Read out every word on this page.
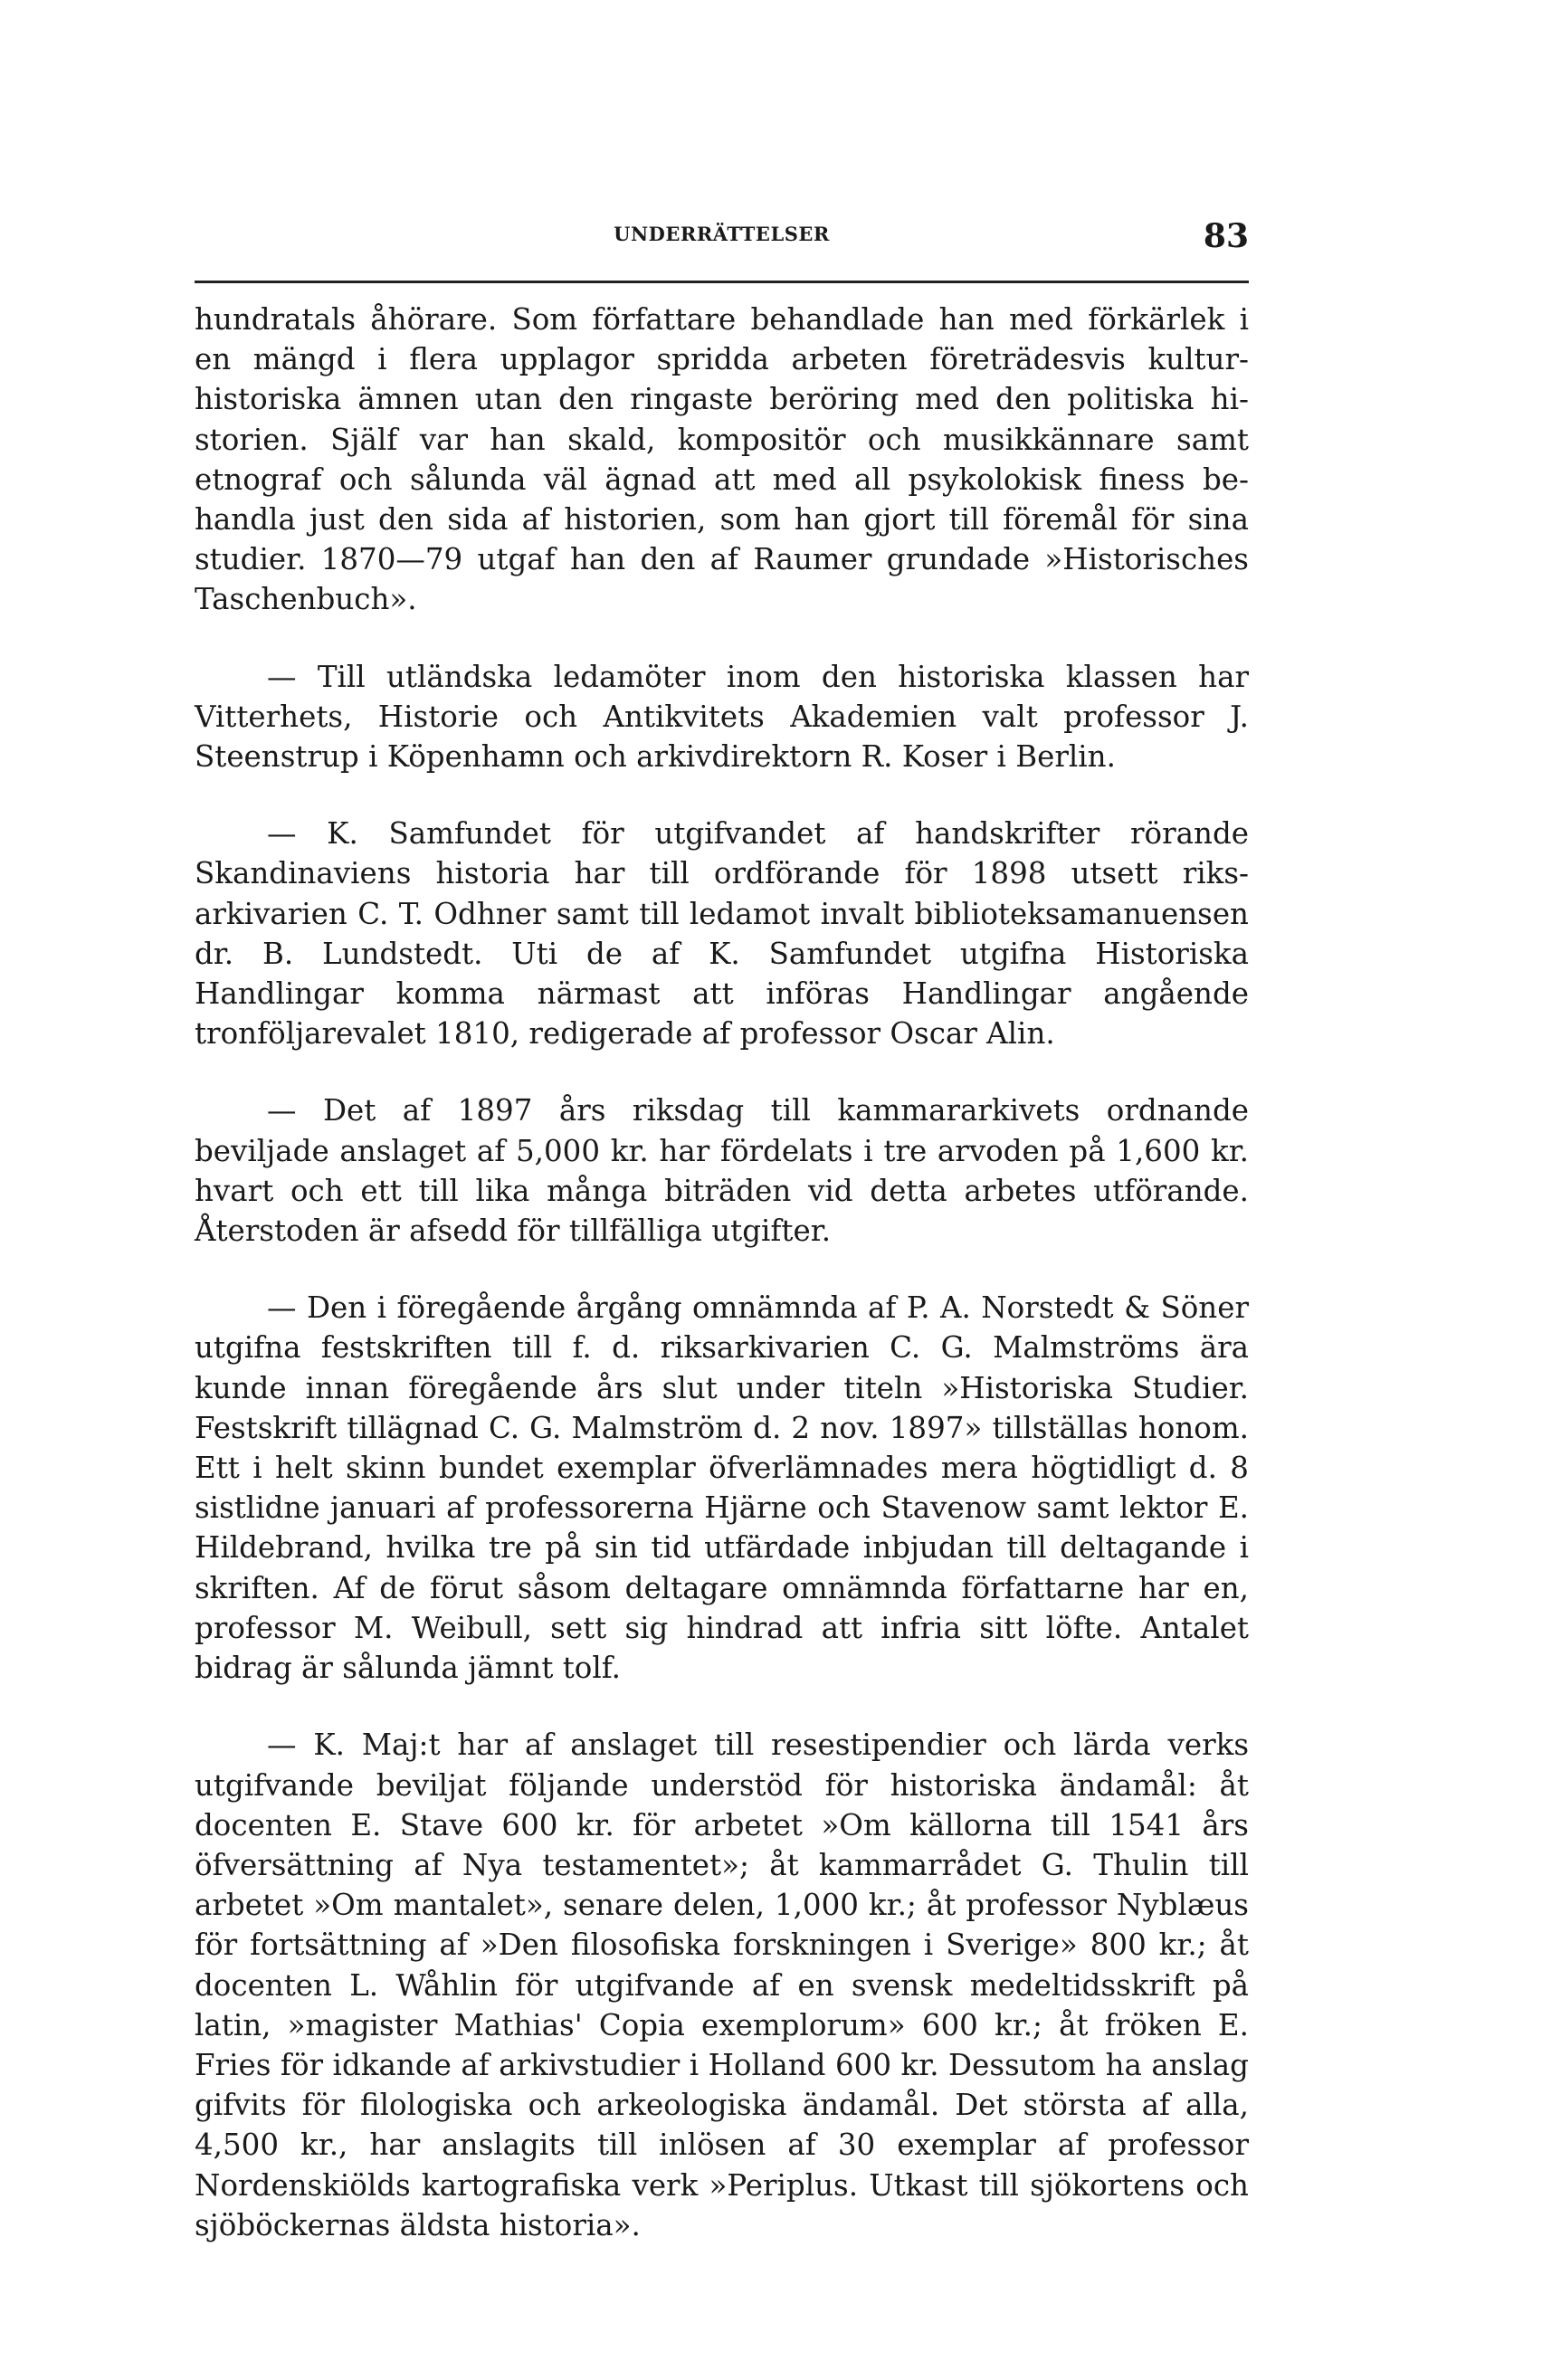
UNDERRÄTTELSER	83

hundratals åhörare. Som författare behandlade han med förkärlek i en mängd i flera upplagor spridda arbeten företrädesvis kulturhistoriska ämnen utan den ringaste beröring med den politiska historien. Själf var han skald, kompositör och musikkännare samt etnograf och sålunda väl ägnad att med all psykolokisk finess behandla just den sida af historien, som han gjort till föremål för sina studier. 1870—79 utgaf han den af Raumer grundade »Historisches Taschenbuch».

— Till utländska ledamöter inom den historiska klassen har Vitterhets, Historie och Antikvitets Akademien valt professor J. Steenstrup i Köpenhamn och arkivdirektorn R. Koser i Berlin.

— K. Samfundet för utgifvandet af handskrifter rörande Skandinaviens historia har till ordförande för 1898 utsett riksarkivarien C. T. Odhner samt till ledamot invalt biblioteksamanuensen dr. B. Lundstedt. Uti de af K. Samfundet utgifna Historiska Handlingar komma närmast att införas Handlingar angående tronföljarevalet 1810, redigerade af professor Oscar Alin.

— Det af 1897 års riksdag till kammararkivets ordnande beviljade anslaget af 5,000 kr. har fördelats i tre arvoden på 1,600 kr. hvart och ett till lika många biträden vid detta arbetes utförande. Återstoden är afsedd för tillfälliga utgifter.

— Den i föregående årgång omnämnda af P. A. Norstedt & Söner utgifna festskriften till f. d. riksarkivarien C. G. Malmströms ära kunde innan föregående års slut under titeln »Historiska Studier. Festskrift tillägnad C. G. Malmström d. 2 nov. 1897» tillställas honom. Ett i helt skinn bundet exemplar öfverlämnades mera högtidligt d. 8 sistlidne januari af professorerna Hjärne och Stavenow samt lektor E. Hildebrand, hvilka tre på sin tid utfärdade inbjudan till deltagande i skriften. Af de förut såsom deltagare omnämnda författarne har en, professor M. Weibull, sett sig hindrad att infria sitt löfte. Antalet bidrag är sålunda jämnt tolf.

— K. Maj:t har af anslaget till resestipendier och lärda verks utgifvande beviljat följande understöd för historiska ändamål: åt docenten E. Stave 600 kr. för arbetet »Om källorna till 1541 års öfversättning af Nya testamentet»; åt kammarrådet G. Thulin till arbetet »Om mantalet», senare delen, 1,000 kr.; åt professor Nyblæus för fortsättning af »Den filosofiska forskningen i Sverige» 800 kr.; åt docenten L. Wåhlin för utgifvande af en svensk medeltidsskrift på latin, »magister Mathias' Copia exemplorum» 600 kr.; åt fröken E. Fries för idkande af arkivstudier i Holland 600 kr. Dessutom ha anslag gifvits för filologiska och arkeologiska ändamål. Det största af alla, 4,500 kr., har anslagits till inlösen af 30 exemplar af professor Nordenskiölds kartografiska verk »Periplus. Utkast till sjökortens och sjöböckernas äldsta historia».
